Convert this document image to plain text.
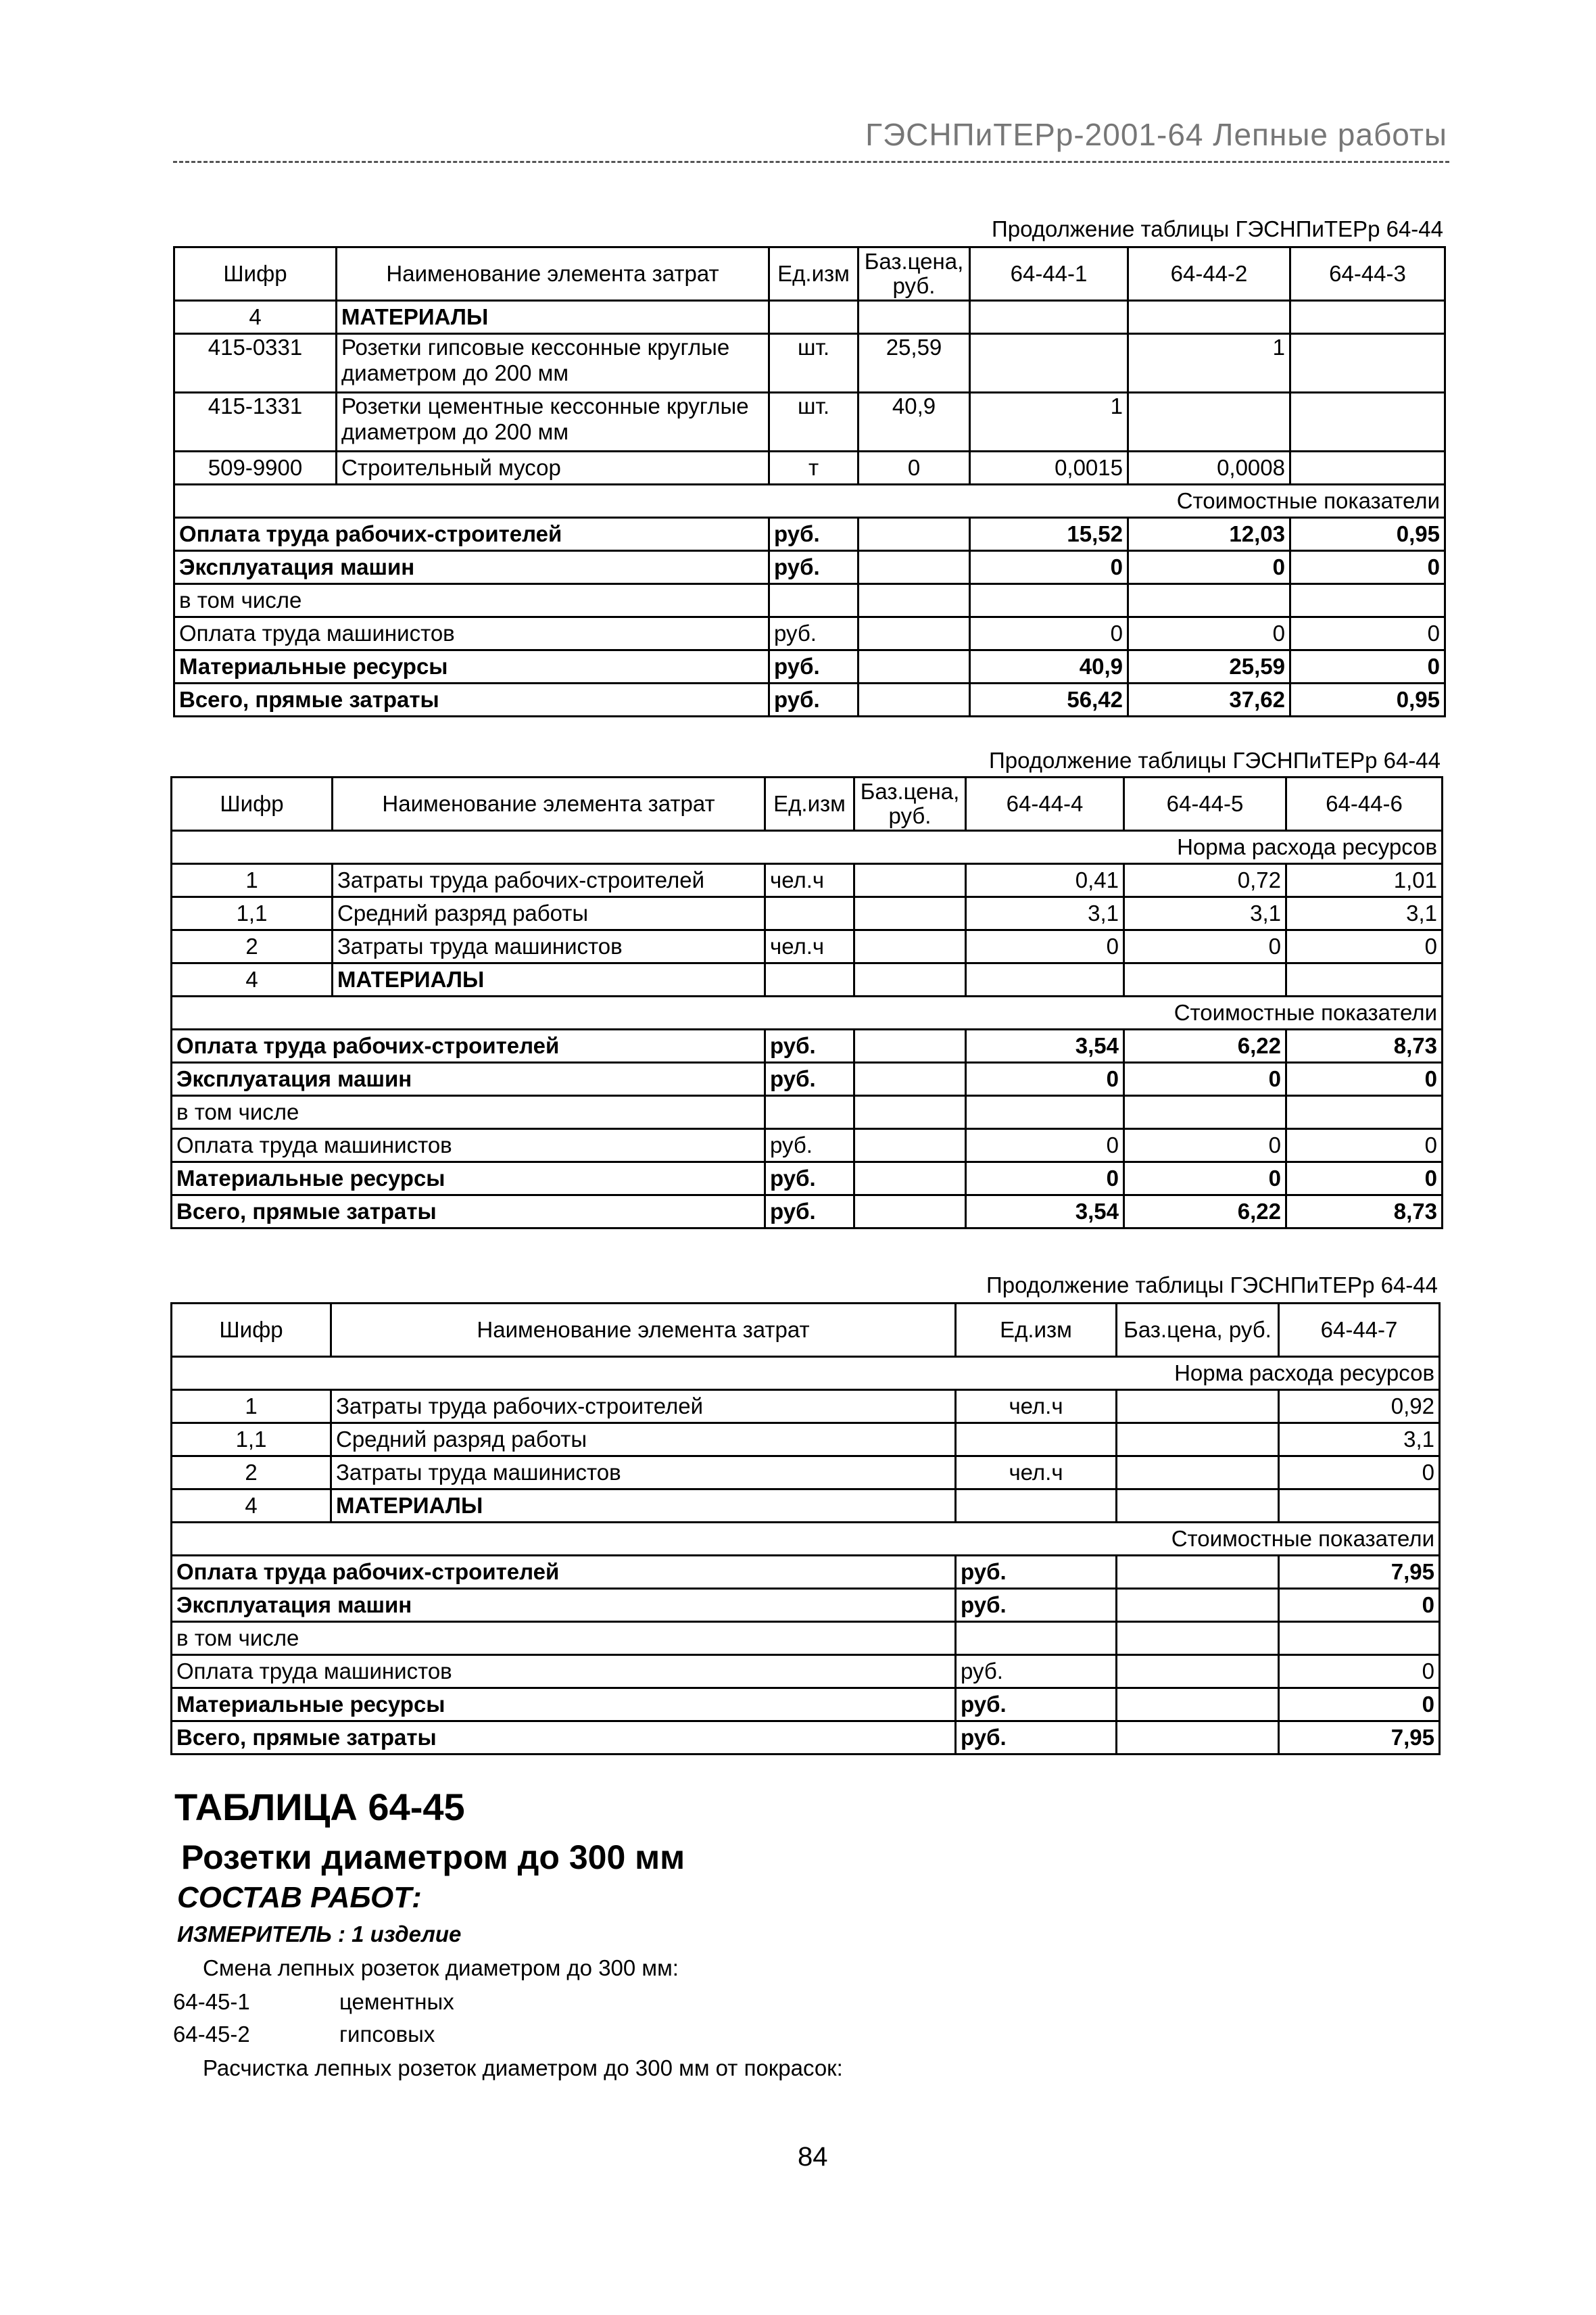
ГЭСНПиТЕРр-2001-64 Лепные работы
Продолжение таблицы ГЭСНПиТЕРр 64-44
Шифр	Наименование элемента затрат	Ед.изм	Баз.цена, руб.	64-44-1	64-44-2	64-44-3
4	МАТЕРИАЛЫ					
415-0331	Розетки гипсовые кессонные круглые диаметром до 200 мм	шт.	25,59		1	
415-1331	Розетки цементные кессонные круглые диаметром до 200 мм	шт.	40,9	1		
509-9900	Строительный мусор	т	0	0,0015	0,0008	
Стоимостные показатели						
Оплата труда рабочих-строителей		руб.		15,52	12,03	0,95
Эксплуатация машин		руб.		0	0	0
в том числе						
Оплата труда машинистов		руб.		0	0	0
Материальные ресурсы		руб.		40,9	25,59	0
Всего, прямые затраты		руб.		56,42	37,62	0,95
Продолжение таблицы ГЭСНПиТЕРр 64-44
Шифр	Наименование элемента затрат	Ед.изм	Баз.цена, руб.	64-44-4	64-44-5	64-44-6
Норма расхода ресурсов						
1	Затраты труда рабочих-строителей	чел.ч		0,41	0,72	1,01
1,1	Средний разряд работы			3,1	3,1	3,1
2	Затраты труда машинистов	чел.ч		0	0	0
4	МАТЕРИАЛЫ					
Стоимостные показатели						
Оплата труда рабочих-строителей		руб.		3,54	6,22	8,73
Эксплуатация машин		руб.		0	0	0
в том числе						
Оплата труда машинистов		руб.		0	0	0
Материальные ресурсы		руб.		0	0	0
Всего, прямые затраты		руб.		3,54	6,22	8,73
Продолжение таблицы ГЭСНПиТЕРр 64-44
Шифр	Наименование элемента затрат	Ед.изм	Баз.цена, руб.	64-44-7
Норма расхода ресурсов				
1	Затраты труда рабочих-строителей	чел.ч		0,92
1,1	Средний разряд работы			3,1
2	Затраты труда машинистов	чел.ч		0
4	МАТЕРИАЛЫ			
Стоимостные показатели				
Оплата труда рабочих-строителей		руб.		7,95
Эксплуатация машин		руб.		0
в том числе				
Оплата труда машинистов		руб.		0
Материальные ресурсы		руб.		0
Всего, прямые затраты		руб.		7,95
ТАБЛИЦА 64-45
Розетки диаметром до 300 мм
СОСТАВ РАБОТ:
ИЗМЕРИТЕЛЬ : 1 изделие
Смена лепных розеток диаметром до 300 мм:
64-45-1	цементных
64-45-2	гипсовых
Расчистка лепных розеток диаметром до 300 мм от покрасок:
84
